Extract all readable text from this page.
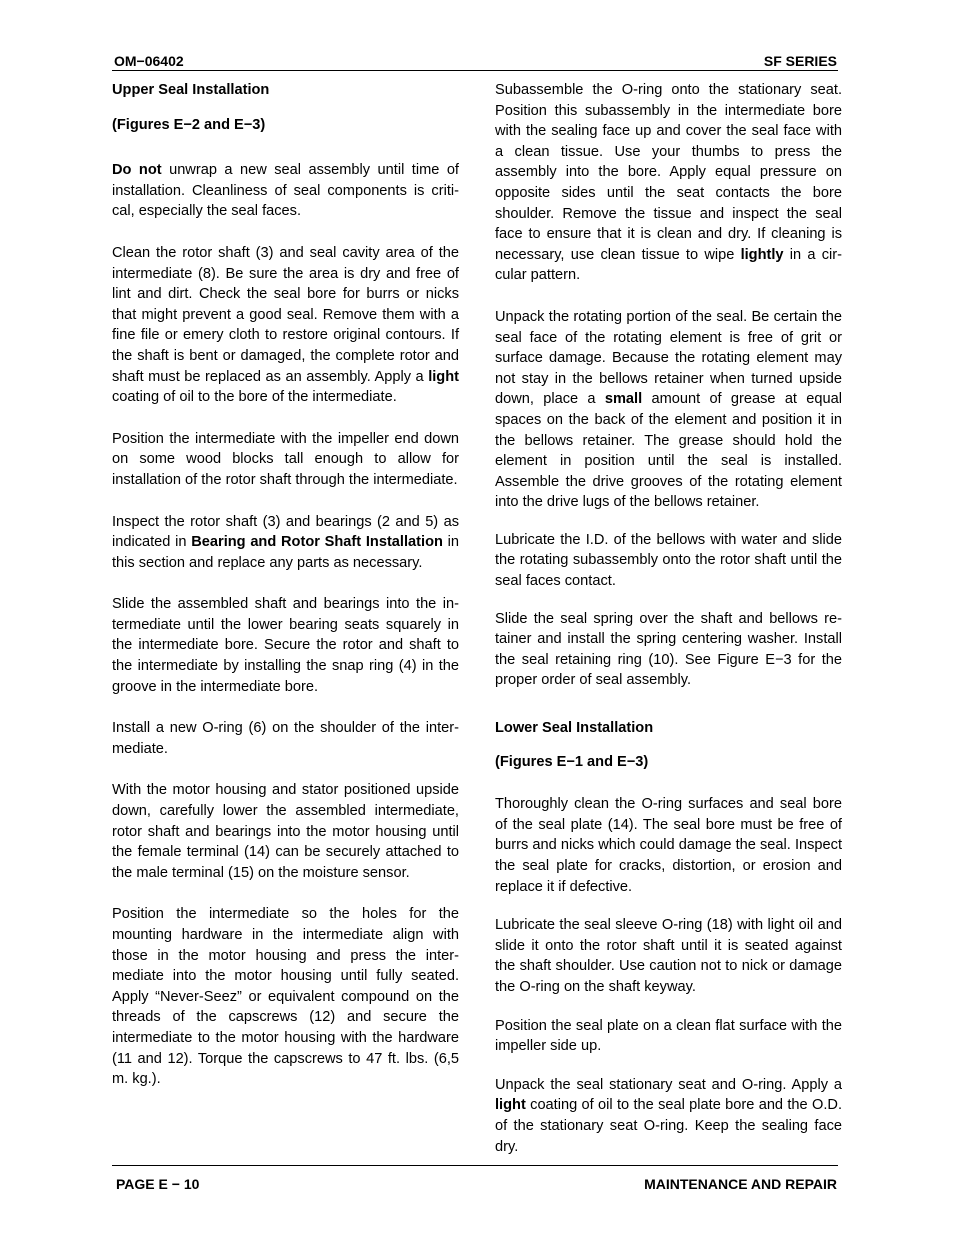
OM−06402	SF SERIES

Upper Seal Installation

(Figures E−2 and E−3)

Do not unwrap a new seal assembly until time of installation. Cleanliness of seal components is critical, especially the seal faces.

Clean the rotor shaft (3) and seal cavity area of the intermediate (8). Be sure the area is dry and free of lint and dirt. Check the seal bore for burrs or nicks that might prevent a good seal. Remove them with a fine file or emery cloth to restore original contours. If the shaft is bent or damaged, the complete rotor and shaft must be replaced as an assembly. Apply a light coating of oil to the bore of the intermediate.

Position the intermediate with the impeller end down on some wood blocks tall enough to allow for installation of the rotor shaft through the intermediate.

Inspect the rotor shaft (3) and bearings (2 and 5) as indicated in Bearing and Rotor Shaft Installation in this section and replace any parts as necessary.

Slide the assembled shaft and bearings into the intermediate until the lower bearing seats squarely in the intermediate bore. Secure the rotor and shaft to the intermediate by installing the snap ring (4) in the groove in the intermediate bore.

Install a new O-ring (6) on the shoulder of the intermediate.

With the motor housing and stator positioned upside down, carefully lower the assembled intermediate, rotor shaft and bearings into the motor housing until the female terminal (14) can be securely attached to the male terminal (15) on the moisture sensor.

Position the intermediate so the holes for the mounting hardware in the intermediate align with those in the motor housing and press the intermediate into the motor housing until fully seated. Apply “Never-Seez” or equivalent compound on the threads of the capscrews (12) and secure the intermediate to the motor housing with the hardware (11 and 12). Torque the capscrews to 47 ft. lbs. (6,5 m. kg.).

Subassemble the O-ring onto the stationary seat. Position this subassembly in the intermediate bore with the sealing face up and cover the seal face with a clean tissue. Use your thumbs to press the assembly into the bore. Apply equal pressure on opposite sides until the seat contacts the bore shoulder. Remove the tissue and inspect the seal face to ensure that it is clean and dry. If cleaning is necessary, use clean tissue to wipe lightly in a circular pattern.

Unpack the rotating portion of the seal. Be certain the seal face of the rotating element is free of grit or surface damage. Because the rotating element may not stay in the bellows retainer when turned upside down, place a small amount of grease at equal spaces on the back of the element and position it in the bellows retainer. The grease should hold the element in position until the seal is installed. Assemble the drive grooves of the rotating element into the drive lugs of the bellows retainer.

Lubricate the I.D. of the bellows with water and slide the rotating subassembly onto the rotor shaft until the seal faces contact.

Slide the seal spring over the shaft and bellows retainer and install the spring centering washer. Install the seal retaining ring (10). See Figure E−3 for the proper order of seal assembly.

Lower Seal Installation

(Figures E−1 and E−3)

Thoroughly clean the O-ring surfaces and seal bore of the seal plate (14). The seal bore must be free of burrs and nicks which could damage the seal. Inspect the seal plate for cracks, distortion, or erosion and replace it if defective.

Lubricate the seal sleeve O-ring (18) with light oil and slide it onto the rotor shaft until it is seated against the shaft shoulder. Use caution not to nick or damage the O-ring on the shaft keyway.

Position the seal plate on a clean flat surface with the impeller side up.

Unpack the seal stationary seat and O-ring. Apply a light coating of oil to the seal plate bore and the O.D. of the stationary seat O-ring. Keep the sealing face dry.

PAGE E − 10	MAINTENANCE AND REPAIR
